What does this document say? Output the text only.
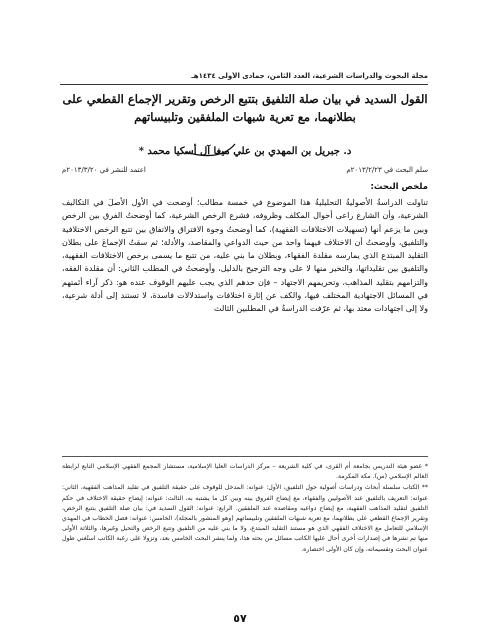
مجلة البحوث والدراسات الشرعية، العدد الثامن، جمادى الأولى ١٤٣٤هـ
القول السديد في بيان صلة التلفيق بتتبع الرخص وتقرير الإجماع القطعي على بطلانهما، مع تعرية شبهات الملفقين وتلبيساتهم
د. جبريل بن المهدي بن علي ميغا آل أسكيا محمد *
سلم البحث في ٢٠١٣/٢/٢٣م
اعتمد للنشر في ٢٠١٣/٣/٢٠م
ملخص البحث:
تناولت الدراسةُ الأصوليةُ التحليليةُ هذا الموضوع في خمسة مطالب؛ أوضحت في الأول الأصلَ في التكاليف الشرعية، وأن الشارع راعى أحوال المكلف وظروفه، فشرع الرخص الشرعية، كما أوضحتُ الفرق بين الرخص وبين ما يزعم أنها (تسهيلات الاختلافات الفقهية)، كما أوضحتُ وجوهَ الافتراق والاتفاق بين تتبع الرخص الاختلافية والتلفيق، وأوضحتُ أن الاختلاف فيهما واحد من حيث الدواعي والمقاصد، والأدلة؛ ثم سقتُ الإجماعَ على بطلان التقليد المبتدع الذي يمارسه مقلدة الفقهاء، وبطلان ما بني عليه، من تتبع ما يسمى برخص الاختلافات الفقهية، والتلفيق بين تقليداتها، والتخير منها لا على وجه الترجيح بالدليل، وأوضحتُ في المطلب الثاني: أن مقلدة الفقه، والتزامهم بتقليد المذاهب، وتحريمهم الاجتهاد – فإن حدهم الذي يجب عليهم الوقوف عنده هو: ذكر آراء أئمتهم في المسائل الاجتهادية المختلف فيها، والكف عن إثارة اختلافات واستدلالات فاسدة، لا تستند إلى أدلة شرعية، ولا إلى اجتهادات معتد بها، ثم عرّفت الدراسةُ في المطلبين الثالث

* عضو هيئة التدريس بجامعة أم القرى، في كلية الشريعة – مركز الدراسات العليا الإسلامية، مستشار المجمع الفقهي الإسلامي التابع لرابطة العالم الإسلامي (س). مكة المكرمة.

** الكتاب سلسلة أبحاث ودراسات أصولية حول التلفيق، الأول: عنوانه: المدخل للوقوف على حقيقة التلفيق في تقليد المذاهب الفقهية، الثاني: عنوانه: التعريف بالتلفيق عند الأصوليين والفقهاء، مع إيضاح الفروق بينه وبين كل ما يشتبه به، الثالث: عنوانه: إيضاح حقيقة الاختلاف في حكم التلفيق لتقليد المذاهب الفقهية، مع إيضاح دواعيه ومقاصده عند الملفقين. الرابع: عنوانه: القول السديد في: بيان صلة التلفيق بتتبع الرخص، وتقرير الإجماع القطعي على بطلانهما، مع تعرية شبهات الملفقين وتلبيساتهم (وهو المنشور بالمجلة)، الخامس: عنوانه: فصل الخطاب في المهدي الإسلامي للتعامل مع الاختلاف الفقهي الذي هو مستند التقليد المبتدع، ولا ما بني عليه من التلفيق وتتبع الرخص والتحيل وغيرها، والثلاثة الأولى منها تم نشرها في إصدارات أخرى أحال عليها الكاتب مسائل من بحثه هذا، ولما ينشر البحث الخامس بعد، وتزولا على رغبة الكاتب استُغني طول عنوان البحث وتقسيماته، وإن كان الأولى اختصاره.

٥٧
